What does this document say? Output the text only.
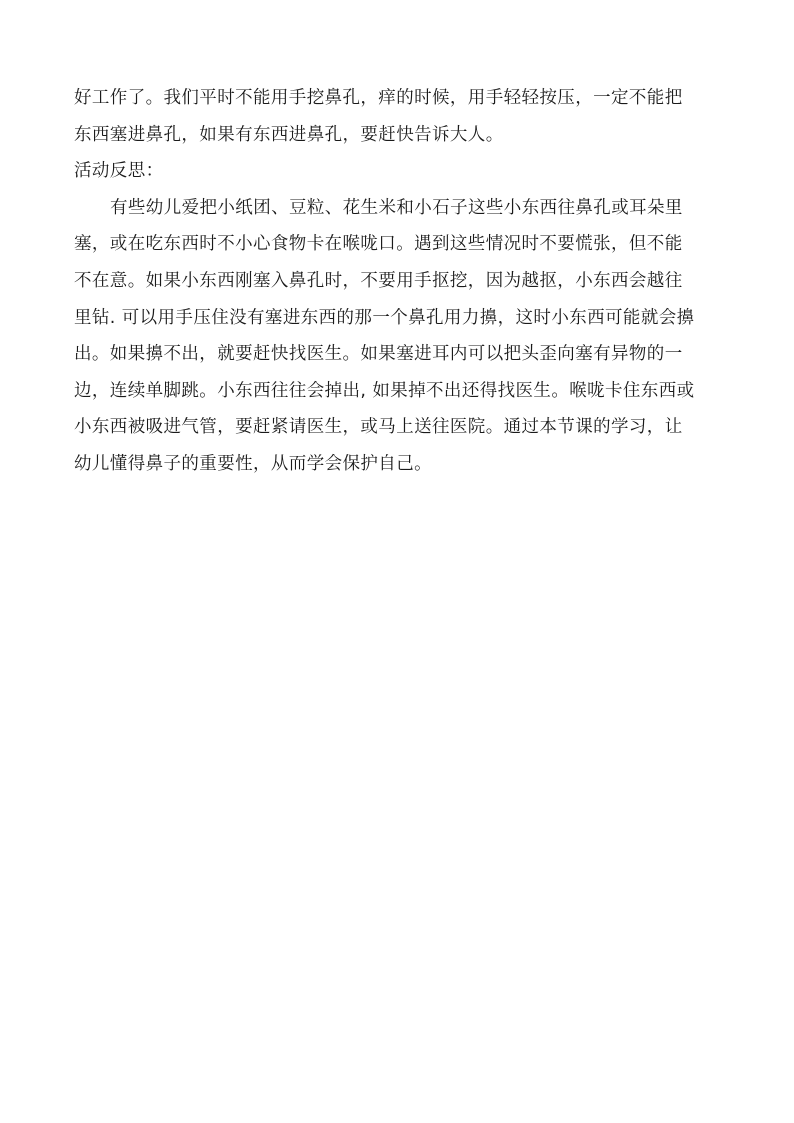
好工作了。我们平时不能用手挖鼻孔，痒的时候，用手轻轻按压，一定不能把
东西塞进鼻孔，如果有东西进鼻孔，要赶快告诉大人。
活动反思：
有些幼儿爱把小纸团、豆粒、花生米和小石子这些小东西往鼻孔或耳朵里
塞，或在吃东西时不小心食物卡在喉咙口。遇到这些情况时不要慌张，但不能
不在意。如果小东西刚塞入鼻孔时，不要用手抠挖，因为越抠，小东西会越往
里钻. 可以用手压住没有塞进东西的那一个鼻孔用力擤，这时小东西可能就会擤
出。如果擤不出，就要赶快找医生。如果塞进耳内可以把头歪向塞有异物的一
边，连续单脚跳。小东西往往会掉出, 如果掉不出还得找医生。喉咙卡住东西或
小东西被吸进气管，要赶紧请医生，或马上送往医院。通过本节课的学习，让
幼儿懂得鼻子的重要性，从而学会保护自己。
